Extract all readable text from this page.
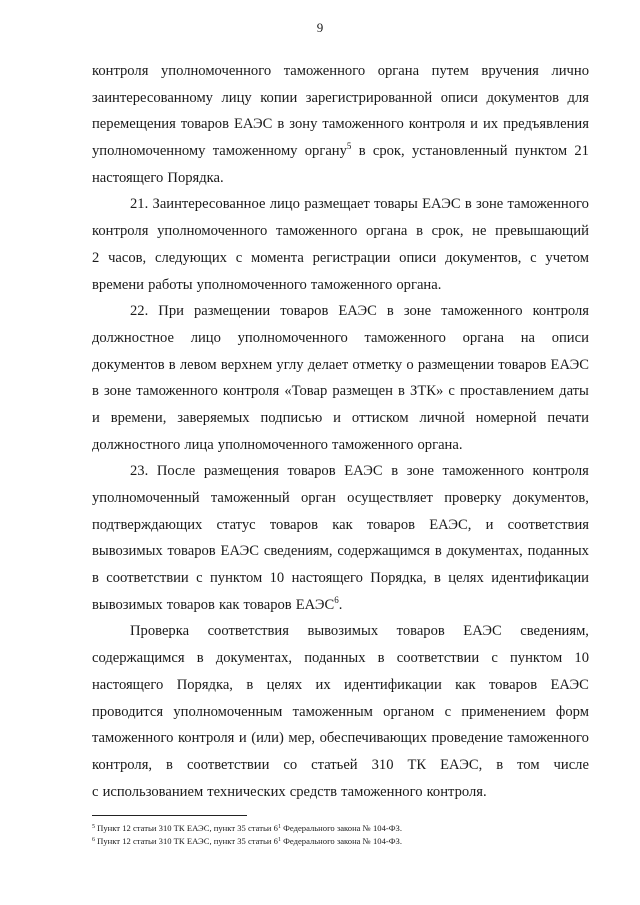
9
контроля уполномоченного таможенного органа путем вручения лично
заинтересованному лицу копии зарегистрированной описи документов для
перемещения товаров ЕАЭС в зону таможенного контроля и их предъявления
уполномоченному таможенному органу$^5$ в срок, установленный пунктом 21
настоящего Порядка.
21. Заинтересованное лицо размещает товары ЕАЭС в зоне таможенного
контроля уполномоченного таможенного органа в срок, не превышающий
2 часов, следующих с момента регистрации описи документов, с учетом
времени работы уполномоченного таможенного органа.
22. При размещении товаров ЕАЭС в зоне таможенного контроля
должностное лицо уполномоченного таможенного органа на описи
документов в левом верхнем углу делает отметку о размещении товаров ЕАЭС
в зоне таможенного контроля «Товар размещен в ЗТК» с проставлением даты
и времени, заверяемых подписью и оттиском личной номерной печати
должностного лица уполномоченного таможенного органа.
23. После размещения товаров ЕАЭС в зоне таможенного контроля
уполномоченный таможенный орган осуществляет проверку документов,
подтверждающих статус товаров как товаров ЕАЭС, и соответствия
вывозимых товаров ЕАЭС сведениям, содержащимся в документах, поданных
в соответствии с пунктом 10 настоящего Порядка, в целях идентификации
вывозимых товаров как товаров ЕАЭС$^6$.
Проверка соответствия вывозимых товаров ЕАЭС сведениям,
содержащимся в документах, поданных в соответствии с пунктом 10
настоящего Порядка, в целях их идентификации как товаров ЕАЭС
проводится уполномоченным таможенным органом с применением форм
таможенного контроля и (или) мер, обеспечивающих проведение таможенного
контроля, в соответствии со статьей 310 ТК ЕАЭС, в том числе
с использованием технических средств таможенного контроля.
$^5$ Пункт 12 статьи 310 ТК ЕАЭС, пункт 35 статьи $6^1$ Федерального закона № 104-ФЗ.
$^6$ Пункт 12 статьи 310 ТК ЕАЭС, пункт 35 статьи $6^1$ Федерального закона № 104-ФЗ.
